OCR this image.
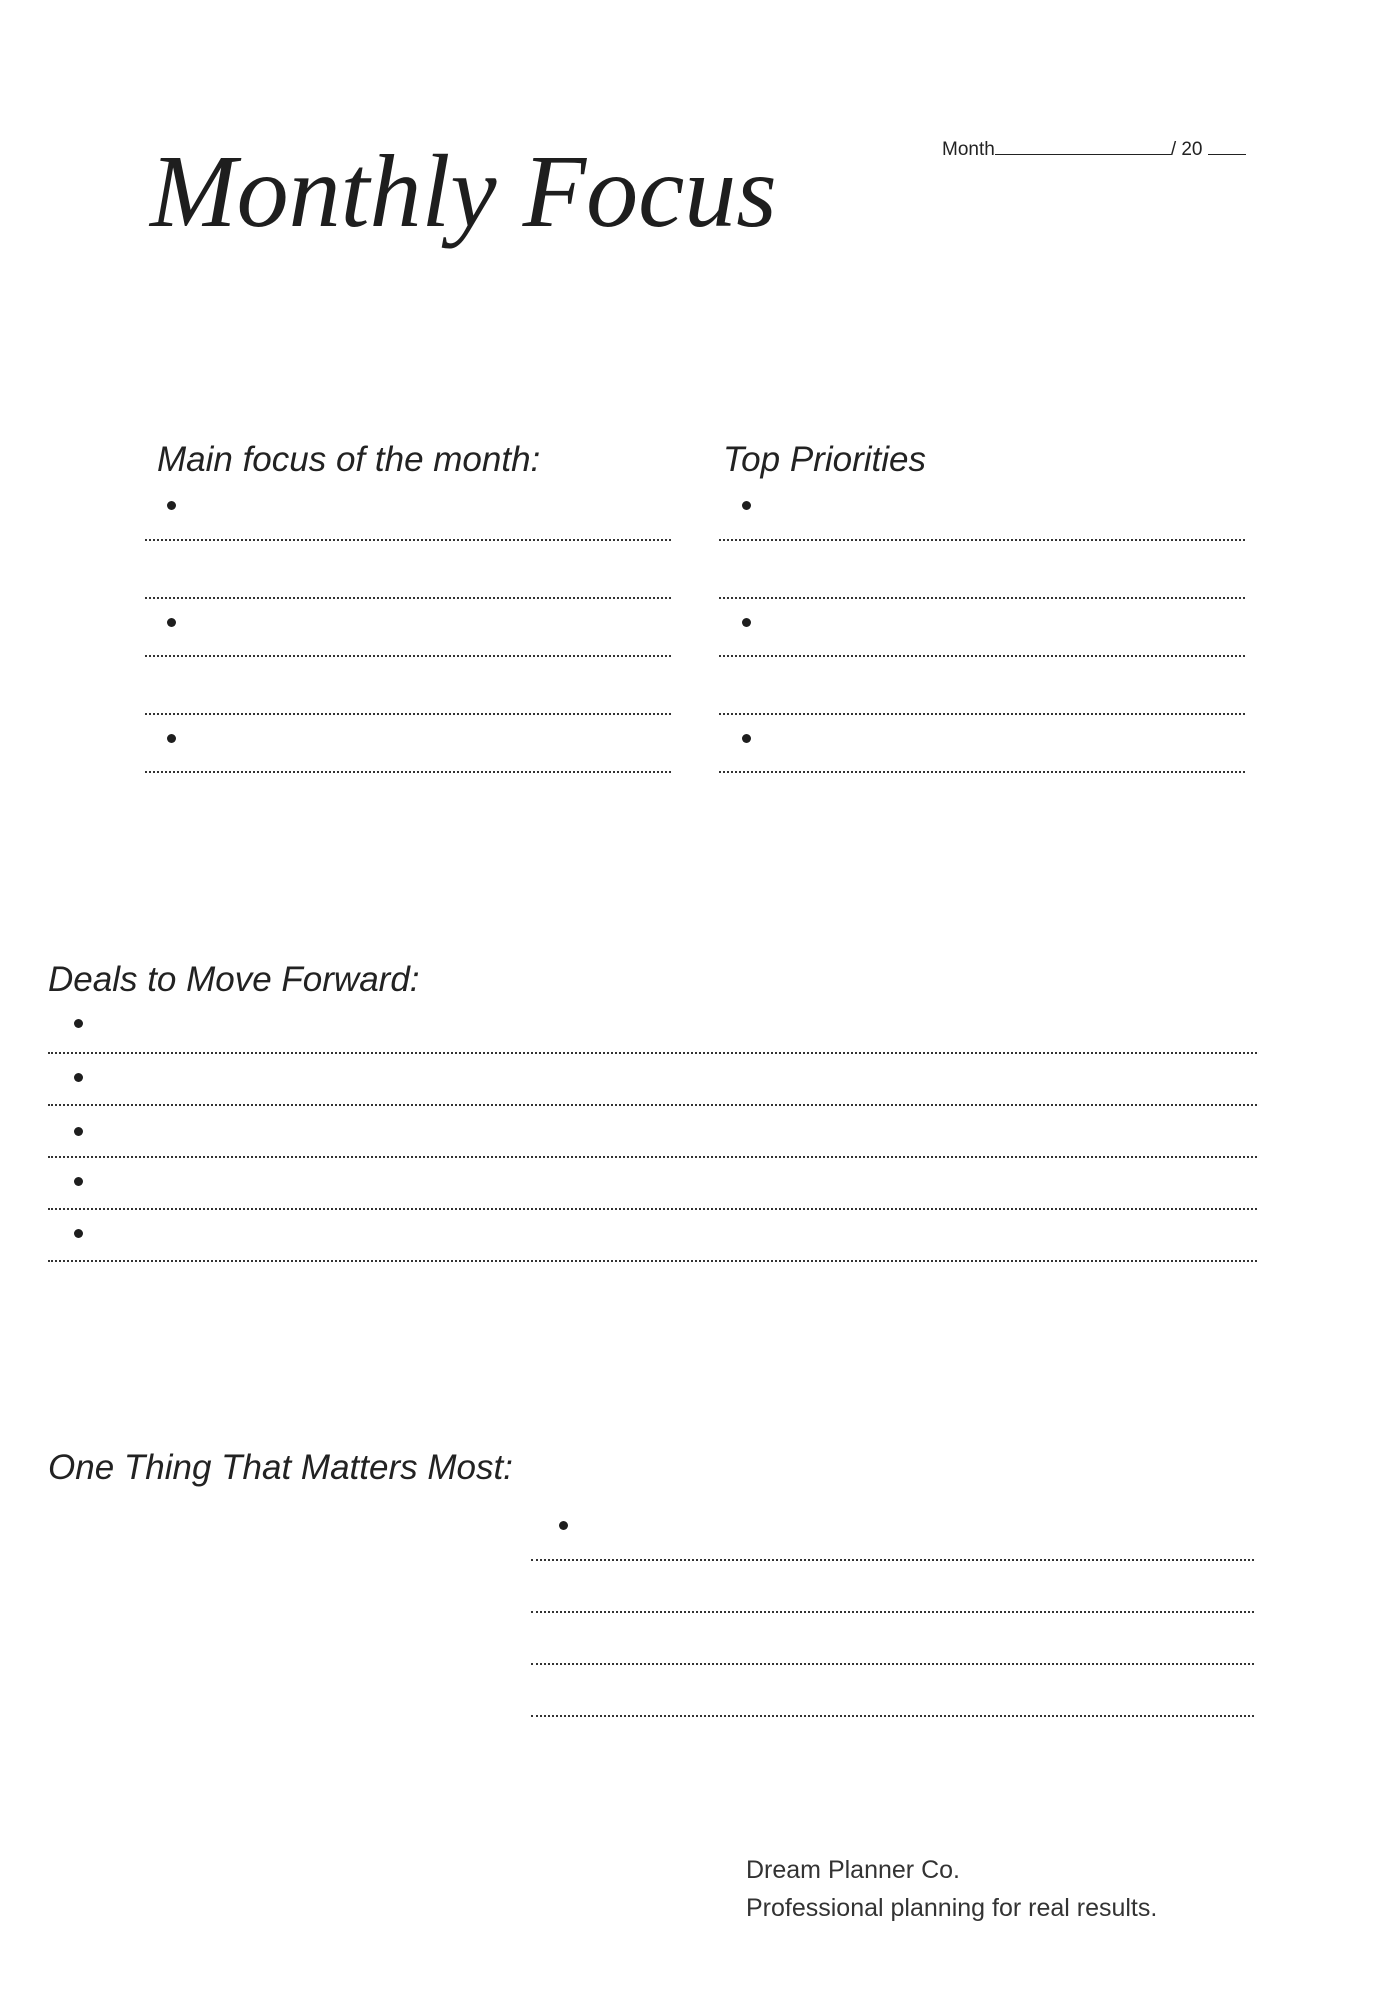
Monthly Focus	Month	/ 20
Main focus of the month:	Top Priorities
Deals to Move Forward:
One Thing That Matters Most:
Dream Planner Co.
Professional planning for real results.
